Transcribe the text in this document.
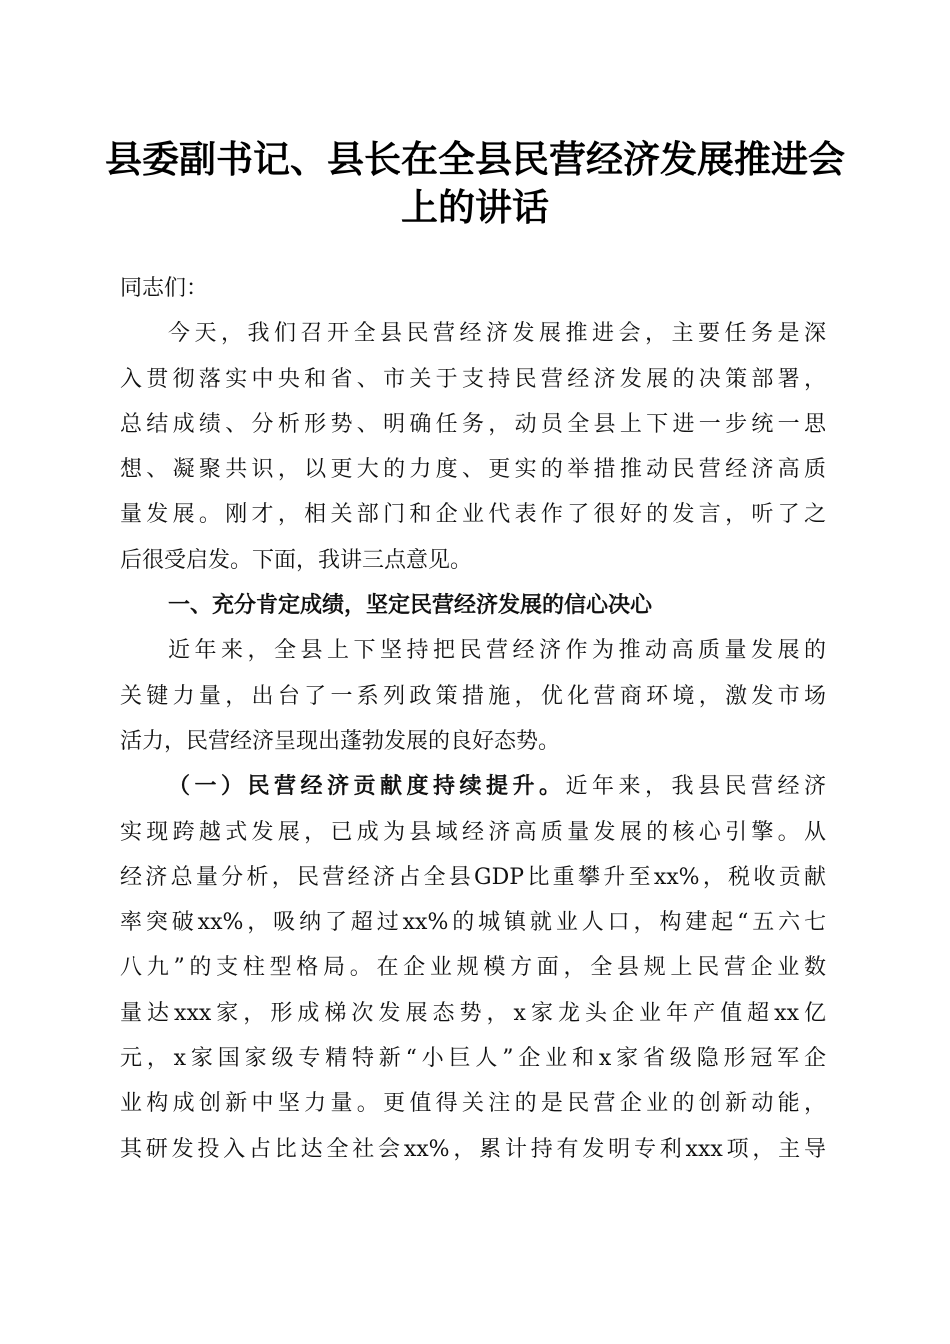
县委副书记、县长在全县民营经济发展推进会
上的讲话
同志们：
今天，我们召开全县民营经济发展推进会，主要任务是深
入贯彻落实中央和省、市关于支持民营经济发展的决策部署，
总结成绩、分析形势、明确任务，动员全县上下进一步统一思
想、凝聚共识，以更大的力度、更实的举措推动民营经济高质
量发展。刚才，相关部门和企业代表作了很好的发言，听了之
后很受启发。下面，我讲三点意见。
一、充分肯定成绩，坚定民营经济发展的信心决心
近年来，全县上下坚持把民营经济作为推动高质量发展的
关键力量，出台了一系列政策措施，优化营商环境，激发市场
活力，民营经济呈现出蓬勃发展的良好态势。
（一）民营经济贡献度持续提升。近年来，我县民营经济
实现跨越式发展，已成为县域经济高质量发展的核心引擎。从
经济总量分析，民营经济占全县GDP比重攀升至xx%，税收贡献
率突破xx%，吸纳了超过xx%的城镇就业人口，构建起“五六七
八九”的支柱型格局。在企业规模方面，全县规上民营企业数
量达xxx家，形成梯次发展态势，x家龙头企业年产值超xx亿
元，x家国家级专精特新“小巨人”企业和x家省级隐形冠军企
业构成创新中坚力量。更值得关注的是民营企业的创新动能，
其研发投入占比达全社会xx%，累计持有发明专利xxx项，主导
